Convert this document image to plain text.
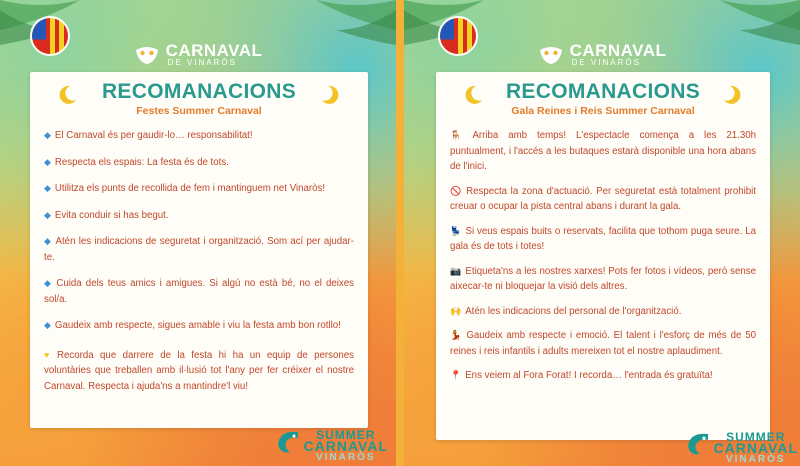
CARNAVAL
DE VINARÒS
RECOMANACIONS
Festes Summer Carnaval
◆ El Carnaval és per gaudir-lo… responsabilitat!
◆ Respecta els espais: La festa és de tots.
◆ Utilitza els punts de recollida de fem i mantinguem net Vinaròs!
◆ Evita conduir si has begut.
◆ Atén les indicacions de seguretat i organització. Som ací per ajudar-te.
◆ Cuida dels teus amics i amigues. Si algú no està bé, no el deixes sol/a.
◆ Gaudeix amb respecte, sigues amable i viu la festa amb bon rotllo!
♥ Recorda que darrere de la festa hi ha un equip de persones voluntàries que treballen amb il·lusió tot l'any per fer créixer el nostre Carnaval. Respecta i ajuda'ns a mantindre'l viu!
SUMMER
CARNAVAL
VINARÒS
CARNAVAL
DE VINARÒS
RECOMANACIONS
Gala Reines i Reis Summer Carnaval
🪑 Arriba amb temps! L'espectacle comença a les 21.30h puntualment, i l'accés a les butaques estarà disponible una hora abans de l'inici.
🚫 Respecta la zona d'actuació. Per seguretat està totalment prohibit creuar o ocupar la pista central abans i durant la gala.
💺 Si veus espais buits o reservats, facilita que tothom puga seure. La gala és de tots i totes!
📷 Etiqueta'ns a les nostres xarxes! Pots fer fotos i vídeos, però sense aixecar-te ni bloquejar la visió dels altres.
🙌 Atén les indicacions del personal de l'organització.
💃 Gaudeix amb respecte i emoció. El talent i l'esforç de més de 50 reines i reis infantils i adults mereixen tot el nostre aplaudiment.
📍 Ens veiem al Fora Forat! I recorda… l'entrada és gratuïta!
SUMMER
CARNAVAL
VINARÒS
